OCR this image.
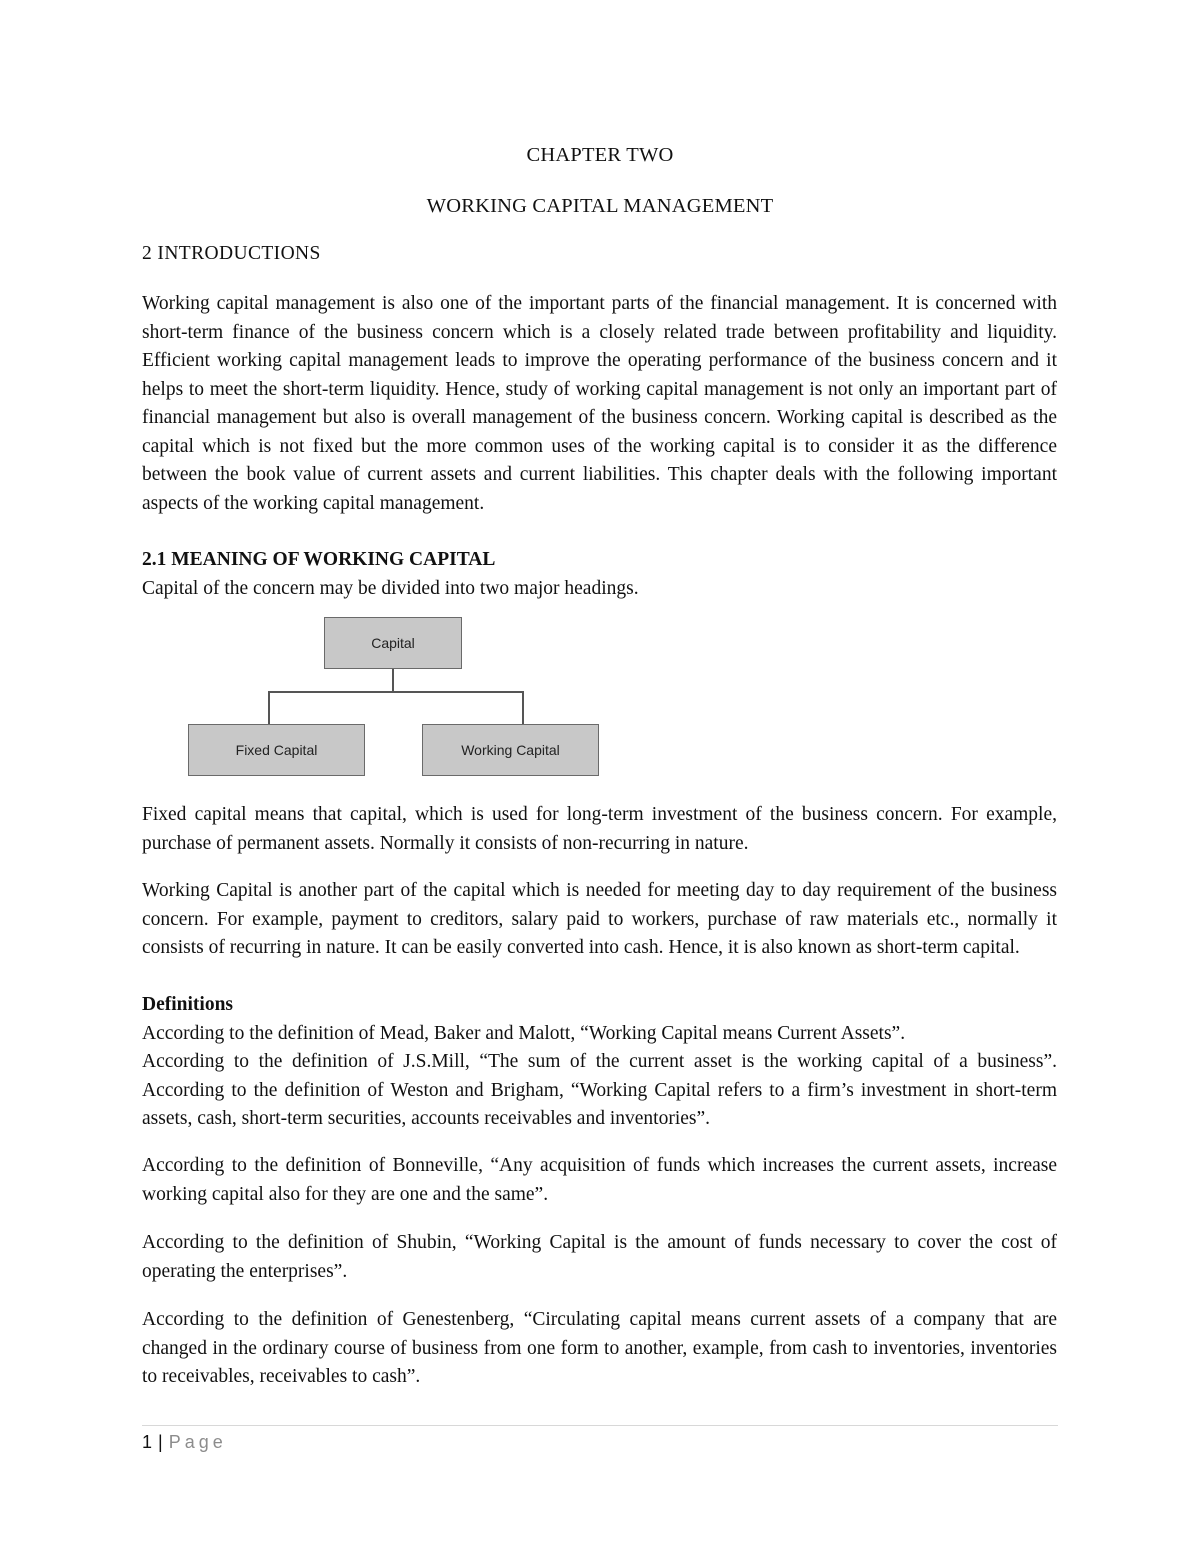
CHAPTER TWO
WORKING CAPITAL MANAGEMENT
2 INTRODUCTIONS

Working capital management is also one of the important parts of the financial management. It is concerned with short-term finance of the business concern which is a closely related trade between profitability and liquidity. Efficient working capital management leads to improve the operating performance of the business concern and it helps to meet the short-term liquidity. Hence, study of working capital management is not only an important part of financial management but also is overall management of the business concern. Working capital is described as the capital which is not fixed but the more common uses of the working capital is to consider it as the difference between the book value of current assets and current liabilities. This chapter deals with the following important aspects of the working capital management.

2.1 MEANING OF WORKING CAPITAL

Capital of the concern may be divided into two major headings.

Capital
Fixed Capital	Working Capital

Fixed capital means that capital, which is used for long-term investment of the business concern. For example, purchase of permanent assets. Normally it consists of non-recurring in nature.

Working Capital is another part of the capital which is needed for meeting day to day requirement of the business concern. For example, payment to creditors, salary paid to workers, purchase of raw materials etc., normally it consists of recurring in nature. It can be easily converted into cash. Hence, it is also known as short-term capital.

Definitions

According to the definition of Mead, Baker and Malott, “Working Capital means Current Assets”.

According to the definition of J.S.Mill, “The sum of the current asset is the working capital of a business”. According to the definition of Weston and Brigham, “Working Capital refers to a firm’s investment in short-term assets, cash, short-term securities, accounts receivables and inventories”.

According to the definition of Bonneville, “Any acquisition of funds which increases the current assets, increase working capital also for they are one and the same”.

According to the definition of Shubin, “Working Capital is the amount of funds necessary to cover the cost of operating the enterprises”.

According to the definition of Genestenberg, “Circulating capital means current assets of a company that are changed in the ordinary course of business from one form to another, example, from cash to inventories, inventories to receivables, receivables to cash”.

1 | Page
